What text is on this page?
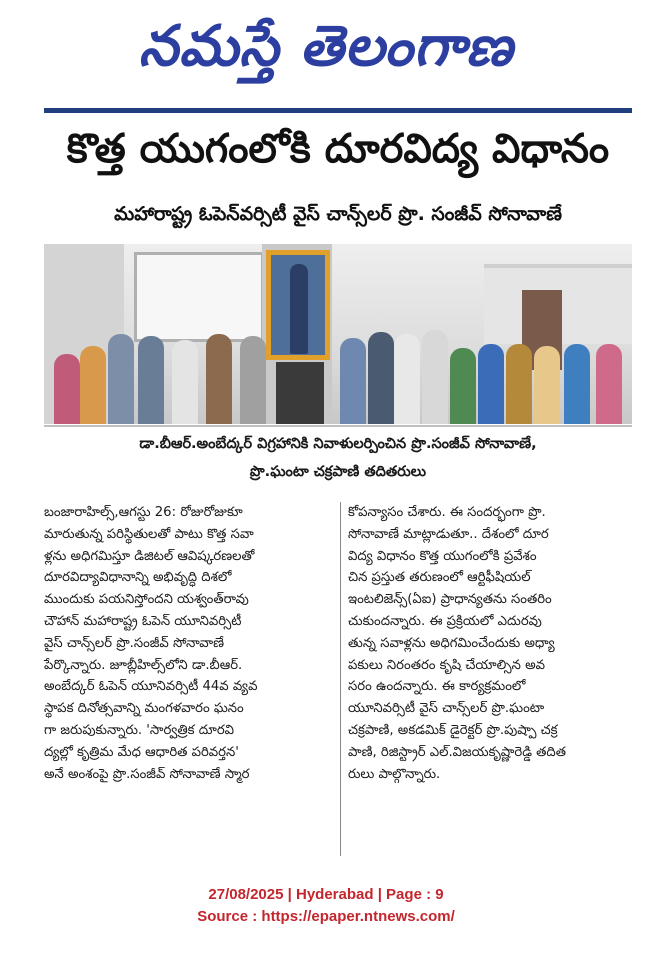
నమస్తే తెలంగాణ
కొత్త యుగంలోకి దూరవిద్య విధానం
మహారాష్ట్ర ఓపెన్‌వర్సిటీ వైస్ చాన్స్‌లర్ ప్రొ. సంజీవ్ సోనావాణే
డా.బీఆర్.అంబేద్కర్ విగ్రహానికి నివాళులర్పించిన ప్రొ.సంజీవ్ సోనావాణే,
ప్రొ.ఘంటా చక్రపాణి తదితరులు

బంజారాహిల్స్,ఆగస్టు 26: రోజురోజుకూ

మారుతున్న పరిస్థితులతో పాటు కొత్త సవా

ళ్లను అధిగమిస్తూ డిజిటల్ ఆవిష్కరణలతో

దూరవిద్యావిధానాన్ని అభివృద్ధి దిశలో

ముందుకు పయనిస్తోందని యశ్వంత్‌రావు

చౌహాన్ మహారాష్ట్ర ఓపెన్ యూనివర్సిటీ

వైస్ చాన్స్‌లర్ ప్రొ.సంజీవ్ సోనావాణే

పేర్కొన్నారు. జూబ్లీహిల్స్‌లోని డా.బీఆర్.

అంబేద్కర్ ఓపెన్ యూనివర్సిటీ 44వ వ్యవ

స్థాపక దినోత్సవాన్ని మంగళవారం ఘనం

గా జరుపుకున్నారు. 'సార్వత్రిక దూరవి

ద్యల్లో కృత్రిమ మేధ ఆధారిత పరివర్తన'

అనే అంశంపై ప్రొ.సంజీవ్ సోనావాణే స్మార

కోపన్యాసం చేశారు. ఈ సందర్భంగా ప్రొ.

సోనావాణే మాట్లాడుతూ.. దేశంలో దూర

విద్య విధానం కొత్త యుగంలోకి ప్రవేశం

చిన ప్రస్తుత తరుణంలో ఆర్టిఫీషియల్

ఇంటలిజెన్స్(ఏఐ) ప్రాధాన్యతను సంతరిం

చుకుందన్నారు. ఈ ప్రక్రియలో ఎదురవు

తున్న సవాళ్లను అధిగమించేందుకు అధ్యా

పకులు నిరంతరం కృషి చేయాల్సిన అవ

సరం ఉందన్నారు. ఈ కార్యక్రమంలో

యూనివర్సిటీ వైస్ చాన్స్‌లర్ ప్రొ.ఘంటా

చక్రపాణి, అకడమిక్ డైరెక్టర్ ప్రొ.పుష్పా చక్ర

పాణి, రిజిస్ట్రార్ ఎల్.విజయకృష్ణారెడ్డి తదిత

రులు పాల్గొన్నారు.

27/08/2025 | Hyderabad | Page : 9
Source : https://epaper.ntnews.com/
